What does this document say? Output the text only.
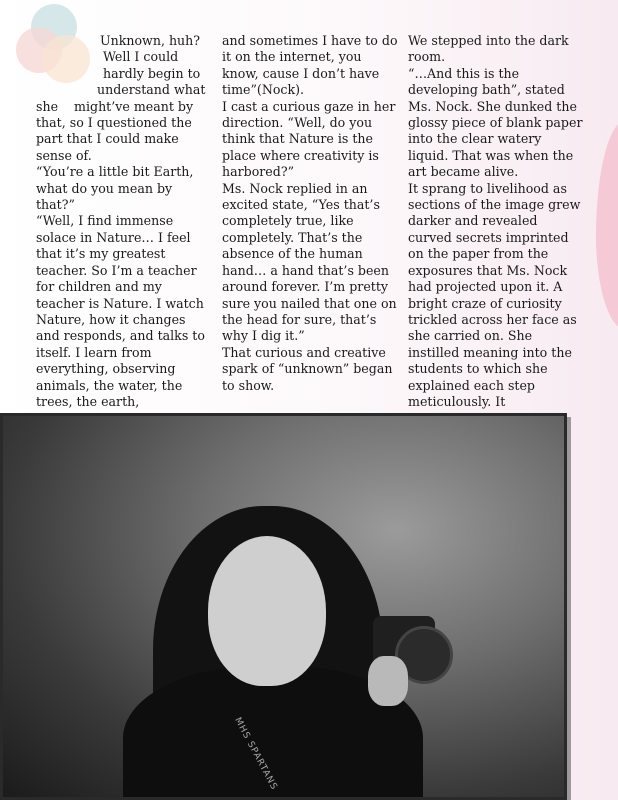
Unknown, huh?

Well I could

hardly begin to

understand what

she    might’ve meant by that, so I questioned the part that I could make sense of.

“You’re a little bit Earth, what do you mean by that?”

“Well, I find immense solace in Nature… I feel that it’s my greatest teacher. So I’m a teacher for children and my teacher is Nature. I watch Nature, how it changes and responds, and talks to itself. I learn from everything, observing animals, the water, the trees, the earth,

and sometimes I have to do it on the internet, you know, cause I don’t have time”(Nock).

I cast a curious gaze in her direction. “Well, do you think that Nature is the place where creativity is harbored?”

Ms. Nock replied in an excited state, “Yes that’s completely true, like completely. That’s the absence of the human hand… a hand that’s been around forever. I’m pretty sure you nailed that one on the head for sure, that’s why I dig it.”

That curious and creative spark of “unknown” began to show.

We stepped into the dark room.

“…And this is the developing bath”, stated Ms. Nock. She dunked the glossy piece of blank paper into the clear watery liquid. That was when the art became alive.

It sprang to livelihood as sections of the image grew darker and revealed curved secrets imprinted on the paper from the exposures that Ms. Nock had projected upon it. A bright craze of curiosity trickled across her face as she carried on. She instilled meaning into the students to which she explained each step meticulously. It

MHS SPARTANS
